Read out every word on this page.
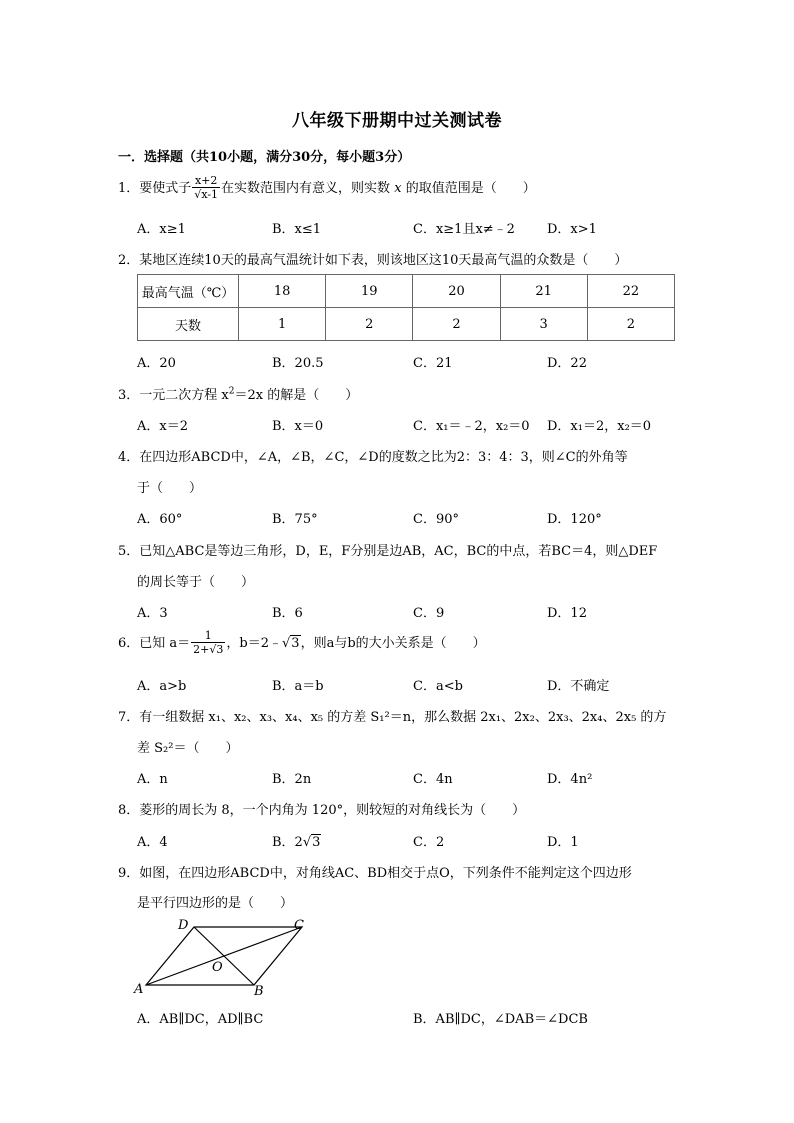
八年级下册期中过关测试卷
一．选择题（共10小题，满分30分，每小题3分）
1．要使式子 $\frac{x+2}{√x-1}$ 在实数范围内有意义，则实数 x 的取值范围是（　　）
A．x≥1	B．x≤1	C．x≥1且x≠﹣2 D．x>1
2．某地区连续10天的最高气温统计如下表，则该地区这10天最高气温的众数是（　　）
最高气温（℃）	18	19	20	21	22
天数	1	2	2	3	2
A．20	B．20.5	C．21	D．22
3．一元二次方程 $x^2=2x$ 的解是（　　）
A．x＝2	B．x＝0	C．x₁＝﹣2，x₂＝0 D．x₁＝2，x₂＝0
4．在四边形ABCD中，∠A，∠B，∠C，∠D的度数之比为2：3：4：3，则∠C的外角等
于（　　）
A．60°	B．75°	C．90°	D．120°
5．已知△ABC是等边三角形，D，E，F分别是边AB，AC，BC的中点，若BC＝4，则△DEF
的周长等于（　　）
A．3	B．6	C．9	D．12
6．已知 $a= \frac{1}{2+√3}$ ，b＝2﹣√3，则a与b的大小关系是（　　）
A．a>b	B．a＝b	C．a<b	D．不确定
7．有一组数据 x₁、x₂、x₃、x₄、x₅ 的方差 S₁²＝n，那么数据 2x₁、2x₂、2x₃、2x₄、2x₅ 的方
差 S₂²＝（　　）
A．n	B．2n	C．4n	D．4n²
8．菱形的周长为 8，一个内角为 120°，则较短的对角线长为（　　）
A．4	B．2√3	C．2	D．1
9．如图，在四边形ABCD中，对角线AC、BD相交于点O，下列条件不能判定这个四边形
是平行四边形的是（　　）
A	B
C
D
O
A．AB∥DC，AD∥BC	B．AB∥DC，∠DAB＝∠DCB
